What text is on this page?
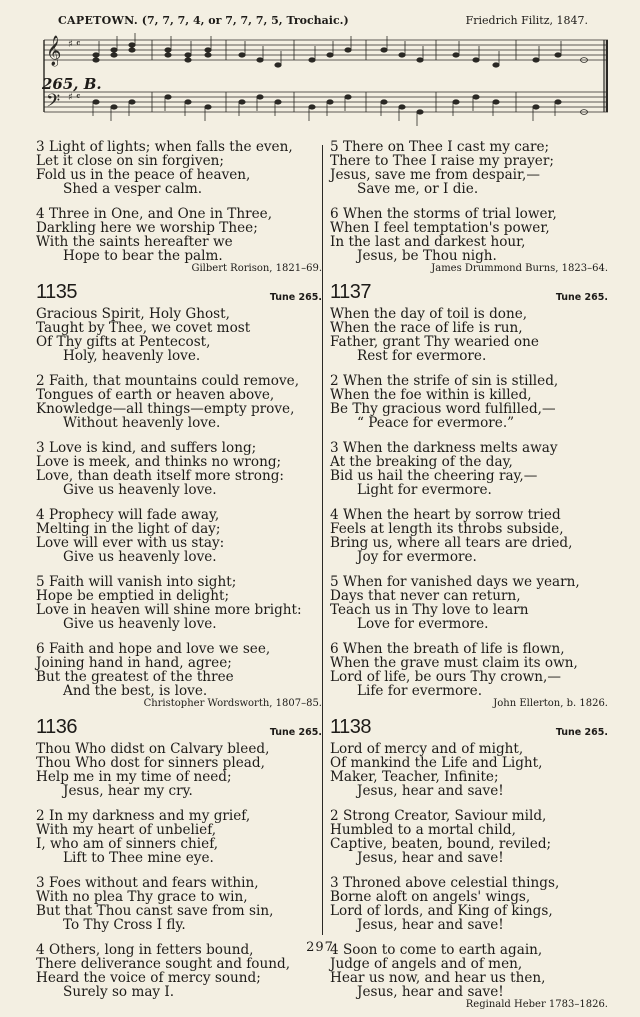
CAPETOWN. (7, 7, 7, 4, or 7, 7, 7, 5, Trochaic.)	Friedrich Filitz, 1847.
𝄞
𝄢
♯ 𝄴
♯ 𝄴
265, B.
3 Light of lights; when falls the even,
Let it close on sin forgiven;
Fold us in the peace of heaven,
Shed a vesper calm.
4 Three in One, and One in Three,
Darkling here we worship Thee;
With the saints hereafter we
Hope to bear the palm.
Gilbert Rorison, 1821–69.
1135	Tune 265.
Gracious Spirit, Holy Ghost,
Taught by Thee, we covet most
Of Thy gifts at Pentecost,
Holy, heavenly love.
2 Faith, that mountains could remove,
Tongues of earth or heaven above,
Knowledge—all things—empty prove,
Without heavenly love.
3 Love is kind, and suffers long;
Love is meek, and thinks no wrong;
Love, than death itself more strong:
Give us heavenly love.
4 Prophecy will fade away,
Melting in the light of day;
Love will ever with us stay:
Give us heavenly love.
5 Faith will vanish into sight;
Hope be emptied in delight;
Love in heaven will shine more bright:
Give us heavenly love.
6 Faith and hope and love we see,
Joining hand in hand, agree;
But the greatest of the three
And the best, is love.
Christopher Wordsworth, 1807–85.
1136	Tune 265.
Thou Who didst on Calvary bleed,
Thou Who dost for sinners plead,
Help me in my time of need;
Jesus, hear my cry.
2 In my darkness and my grief,
With my heart of unbelief,
I, who am of sinners chief,
Lift to Thee mine eye.
3 Foes without and fears within,
With no plea Thy grace to win,
But that Thou canst save from sin,
To Thy Cross I fly.
4 Others, long in fetters bound,
There deliverance sought and found,
Heard the voice of mercy sound;
Surely so may I.
5 There on Thee I cast my care;
There to Thee I raise my prayer;
Jesus, save me from despair,—
Save me, or I die.
6 When the storms of trial lower,
When I feel temptation's power,
In the last and darkest hour,
Jesus, be Thou nigh.
James Drummond Burns, 1823–64.
1137	Tune 265.
When the day of toil is done,
When the race of life is run,
Father, grant Thy wearied one
Rest for evermore.
2 When the strife of sin is stilled,
When the foe within is killed,
Be Thy gracious word fulfilled,—
“ Peace for evermore.”
3 When the darkness melts away
At the breaking of the day,
Bid us hail the cheering ray,—
Light for evermore.
4 When the heart by sorrow tried
Feels at length its throbs subside,
Bring us, where all tears are dried,
Joy for evermore.
5 When for vanished days we yearn,
Days that never can return,
Teach us in Thy love to learn
Love for evermore.
6 When the breath of life is flown,
When the grave must claim its own,
Lord of life, be ours Thy crown,—
Life for evermore.
John Ellerton, b. 1826.
1138	Tune 265.
Lord of mercy and of might,
Of mankind the Life and Light,
Maker, Teacher, Infinite;
Jesus, hear and save!
2 Strong Creator, Saviour mild,
Humbled to a mortal child,
Captive, beaten, bound, reviled;
Jesus, hear and save!
3 Throned above celestial things,
Borne aloft on angels' wings,
Lord of lords, and King of kings,
Jesus, hear and save!
4 Soon to come to earth again,
Judge of angels and of men,
Hear us now, and hear us then,
Jesus, hear and save!
Reginald Heber 1783–1826.
297
